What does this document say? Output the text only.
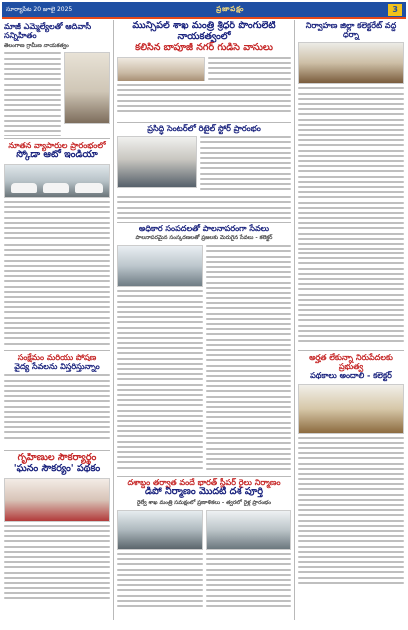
సూర్యాపేట 20 జూలై 2025	ప్రజాపక్షం	3
మాజీ ఎమ్మెల్యేలతో ఆదివాసీ సన్నిహితం
తెలంగాణ గ్రామీణ నాయకత్వం
నూతన వ్యాపారుల ప్రారంభంలో
స్కోడా ఆటో ఇండియా
సంక్షేమం మరియు పోషణ
వైద్య సేవలను విస్తరిస్తున్నాం
గృహిణుల సౌకర్యార్థం
'ఘనం సౌకర్యం' పథకం
మున్సిపల్ శాఖ మంత్రి శ్రీధర్ పొంగులేటి నాయకత్వంలో
కలిసిన బాపూజీ నగర్ గుడిసె వాసులు
ప్రసిద్ధి సెంటర్‌లో రిటైల్ స్టోర్ ప్రారంభం
అధికార సంపదలతో పాలనాపరంగా సేవలు
పాలనాపరమైన సంస్కరణలతో ప్రజలకు మెరుగైన సేవలు - కలెక్టర్
నిర్వాహణ జిల్లా కలెక్టరేట్ వద్ద ధర్నా
అర్హత లేకున్నా నిరుపేదలకు ప్రభుత్వ
పథకాలు అందాలి - కలెక్టర్
దశాబ్దం తర్వాత వందే భారత్ స్లీపర్ రైలు నిర్మాణం
డిపో నిర్మాణం మొదటి దశ పూర్తి
రైల్వే శాఖ మంత్రి సమక్షంలో ప్రణాళికలు - త్వరలో రైళ్ల ప్రారంభం
